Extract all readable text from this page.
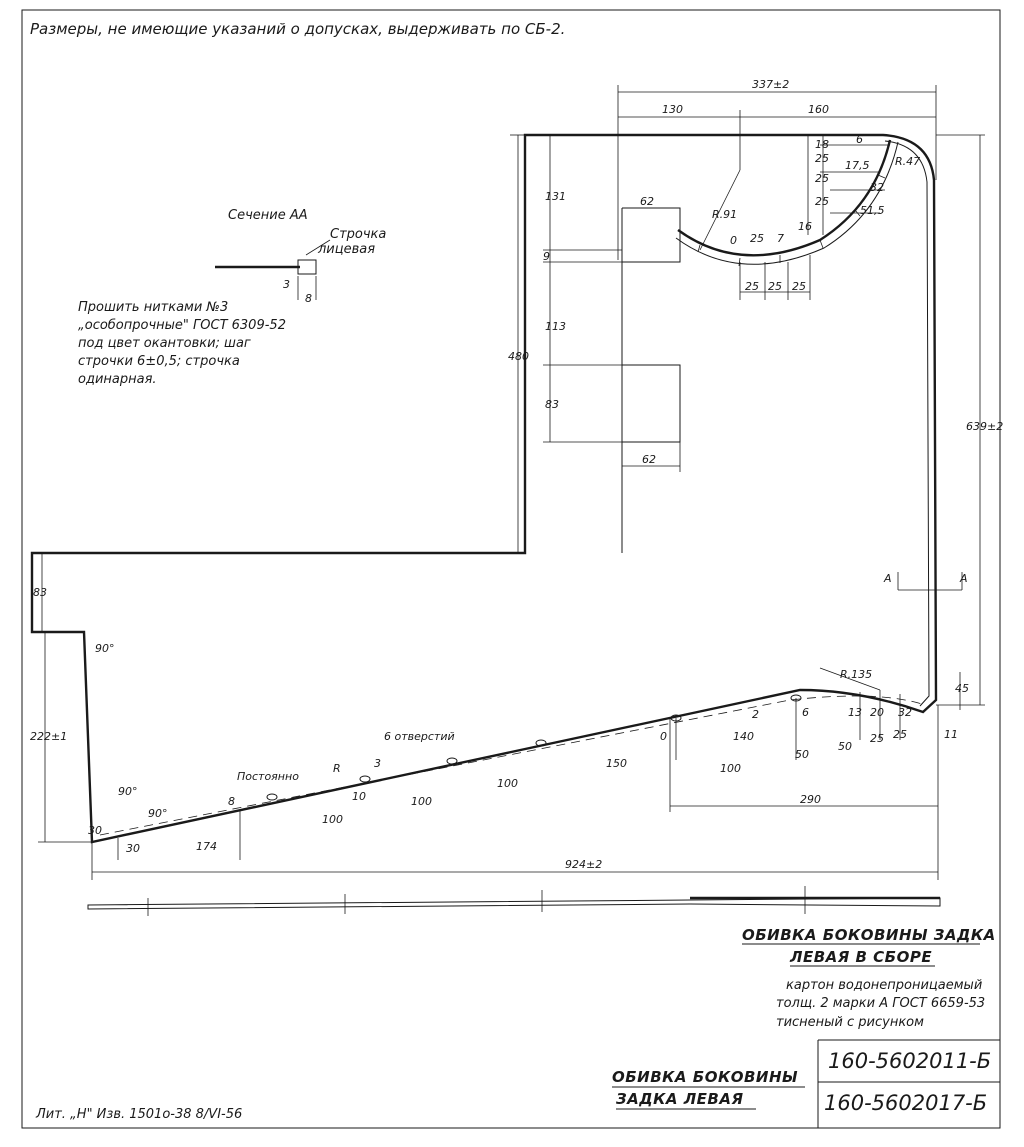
Размеры, не имеющие указаний о допусках, выдерживать по СБ-2.
Сечение АА
Строчка
лицевая
3
8
Прошить нитками №3
„особопрочные" ГОСТ 6309-52
под цвет окантовки; шаг
строчки 6±0,5; строчка
одинарная.
337±2
130	160
6
18
25
25
25
17,5
32
51,5
16
7
25
0
R.91
R.47
62
62
25 25 25
131
9
113
83
480
639±2
83
222±1
90°
90°
90°
30
30	174
8
Постоянно
R
10
3
6 отверстий
100
100
100
150
0	140
100
2	6
50
50
13 20
25 25
32
45
11
R.135
290
924±2
А	А
ОБИВКА БОКОВИНЫ ЗАДКА
ЛЕВАЯ В СБОРЕ
картон водонепроницаемый
толщ. 2 марки А ГОСТ 6659-53
тисненый с рисунком
ОБИВКА БОКОВИНЫ
ЗАДКА ЛЕВАЯ
160-5602011-Б
160-5602017-Б
Лит. „Н" Изв. 1501о-38 8/VI-56
